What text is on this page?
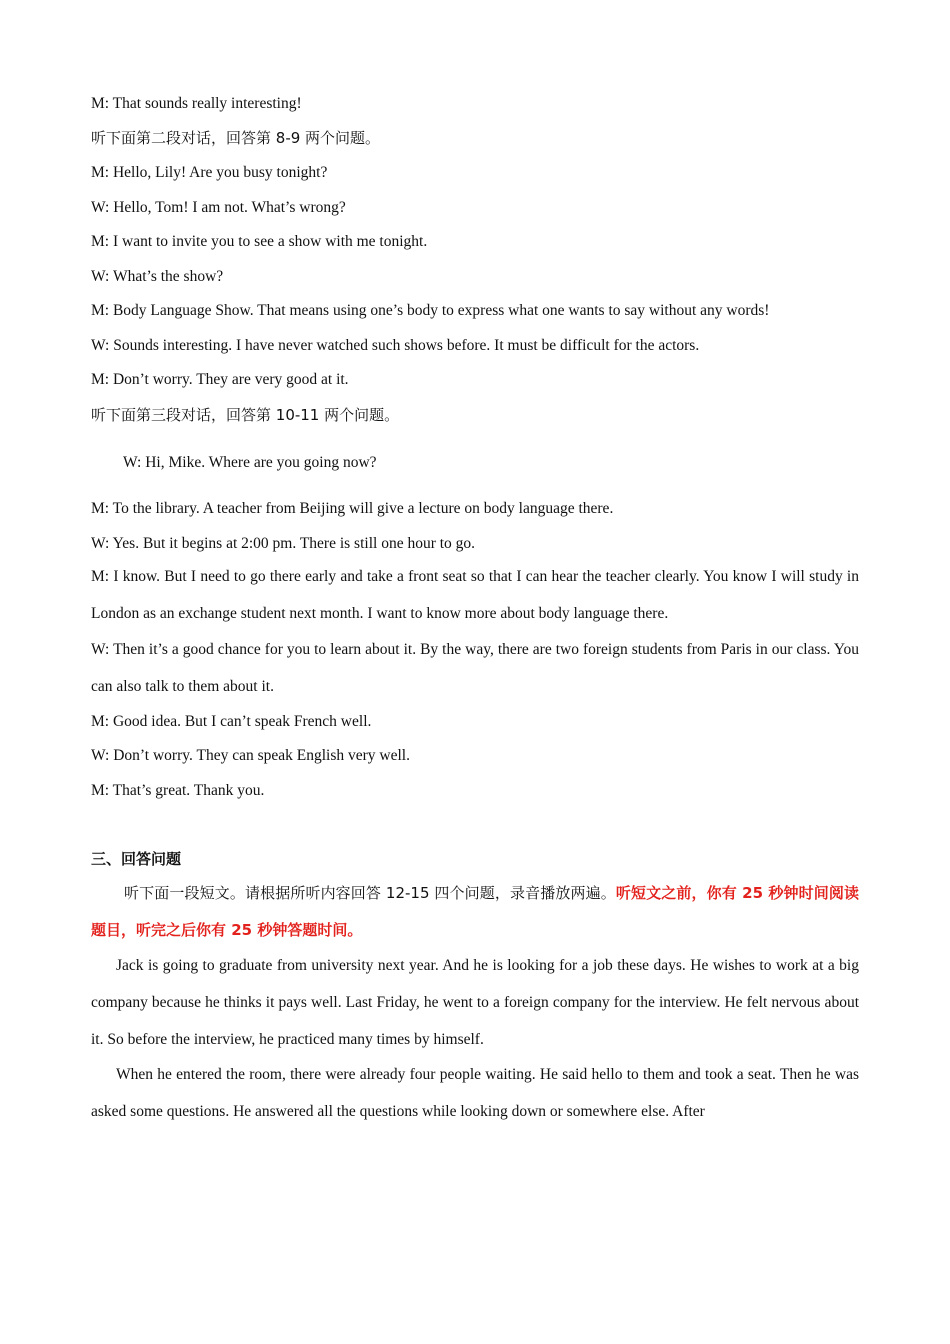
M: That sounds really interesting!
听下面第二段对话，回答第 8-9 两个问题。
M: Hello, Lily! Are you busy tonight?
W: Hello, Tom! I am not. What’s wrong?
M: I want to invite you to see a show with me tonight.
W: What’s the show?
M: Body Language Show. That means using one’s body to express what one wants to say without any words!
W: Sounds interesting. I have never watched such shows before. It must be difficult for the actors.
M: Don’t worry. They are very good at it.
听下面第三段对话，回答第 10-11 两个问题。
W: Hi, Mike. Where are you going now?
M: To the library. A teacher from Beijing will give a lecture on body language there.
W: Yes. But it begins at 2:00 pm. There is still one hour to go.
M: I know. But I need to go there early and take a front seat so that I can hear the teacher clearly. You know I will study in London as an exchange student next month. I want to know more about body language there.
W: Then it’s a good chance for you to learn about it. By the way, there are two foreign students from Paris in our class. You can also talk to them about it.
M: Good idea. But I can’t speak French well.
W: Don’t worry. They can speak English very well.
M: That’s great. Thank you.
三、回答问题
听下面一段短文。请根据所听内容回答 12-15 四个问题，录音播放两遍。听短文之前，你有 25 秒钟时间阅读题目，听完之后你有 25 秒钟答题时间。
Jack is going to graduate from university next year. And he is looking for a job these days. He wishes to work at a big company because he thinks it pays well. Last Friday, he went to a foreign company for the interview. He felt nervous about it. So before the interview, he practiced many times by himself.
When he entered the room, there were already four people waiting. He said hello to them and took a seat. Then he was asked some questions. He answered all the questions while looking down or somewhere else. After
